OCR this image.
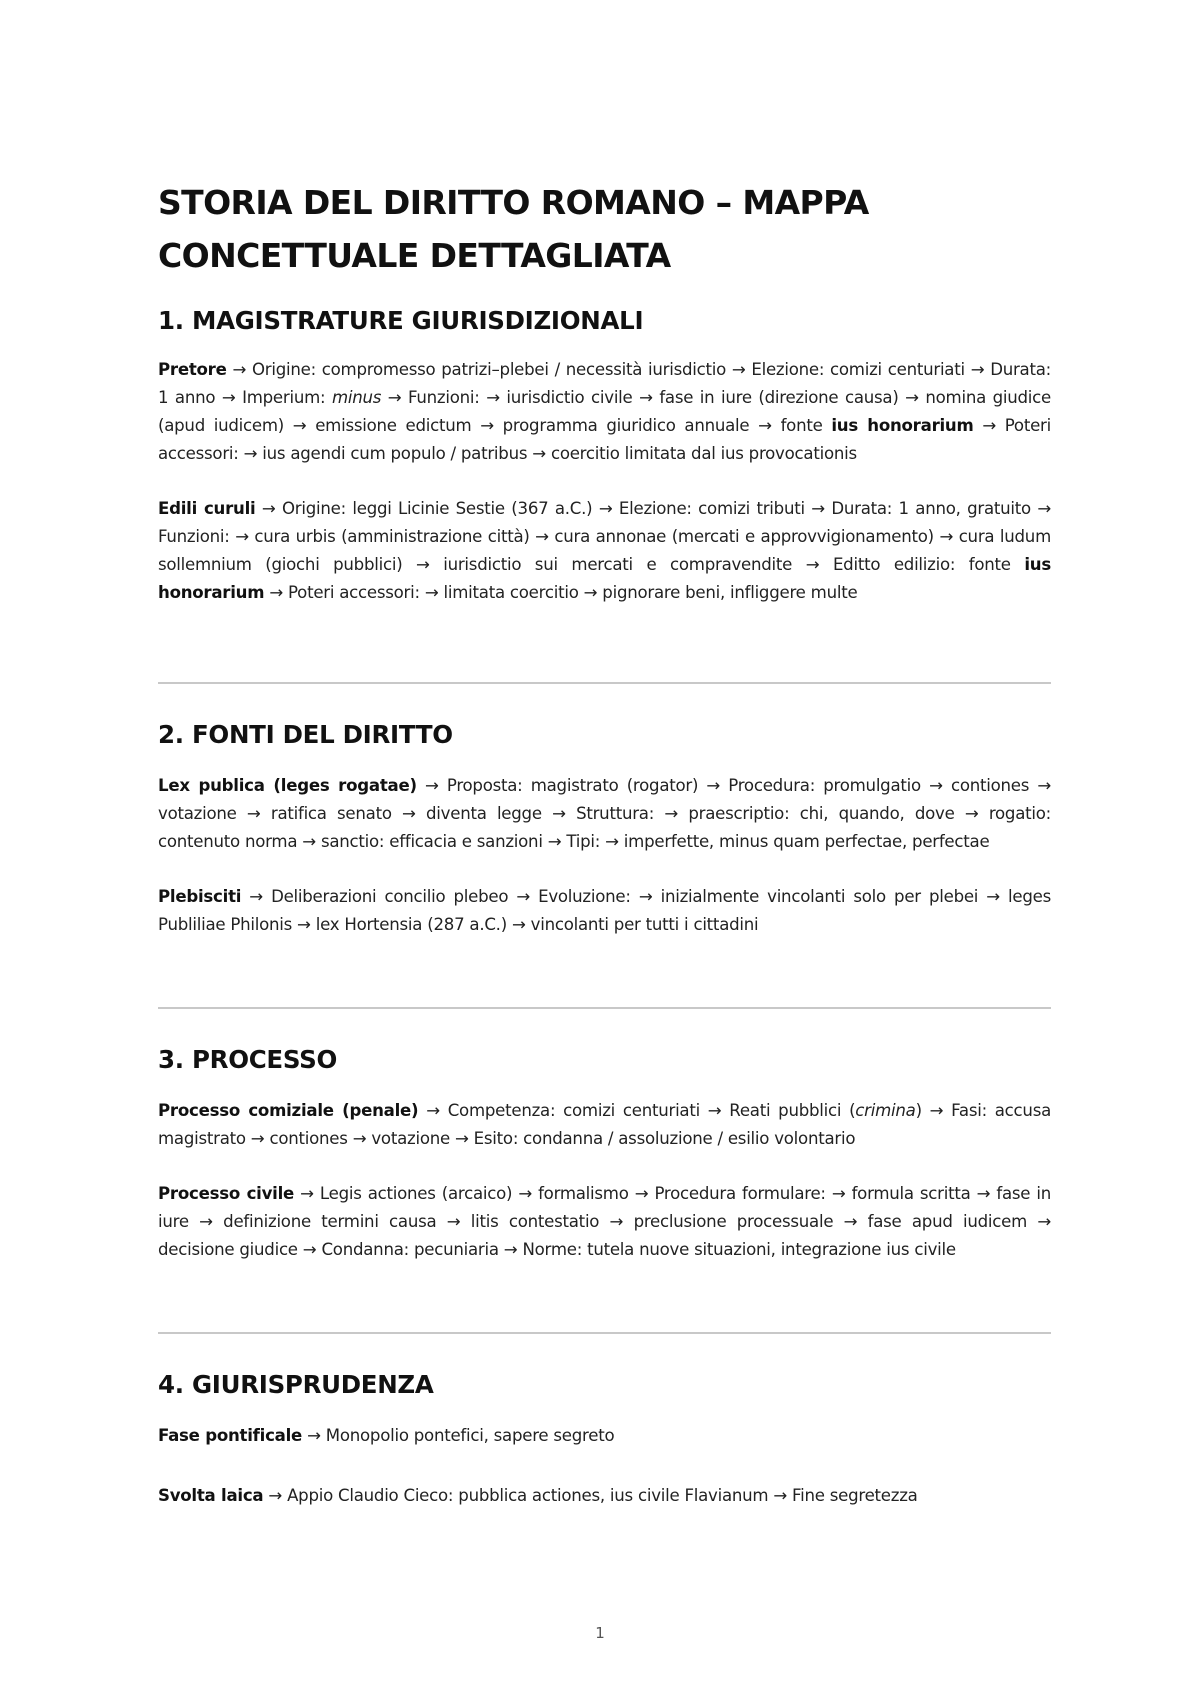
STORIA DEL DIRITTO ROMANO – MAPPA CONCETTUALE DETTAGLIATA
1. MAGISTRATURE GIURISDIZIONALI

Pretore → Origine: compromesso patrizi–plebei / necessità iurisdictio → Elezione: comizi centuriati → Durata: 1 anno → Imperium: minus → Funzioni: → iurisdictio civile → fase in iure (direzione causa) → nomina giudice (apud iudicem) → emissione edictum → programma giuridico annuale → fonte ius honorarium → Poteri accessori: → ius agendi cum populo / patribus → coercitio limitata dal ius provocationis

Edili curuli → Origine: leggi Licinie Sestie (367 a.C.) → Elezione: comizi tributi → Durata: 1 anno, gratuito → Funzioni: → cura urbis (amministrazione città) → cura annonae (mercati e approvvigionamento) → cura ludum sollemnium (giochi pubblici) → iurisdictio sui mercati e compravendite → Editto edilizio: fonte ius honorarium → Poteri accessori: → limitata coercitio → pignorare beni, infliggere multe

2. FONTI DEL DIRITTO

Lex publica (leges rogatae) → Proposta: magistrato (rogator) → Procedura: promulgatio → contiones → votazione → ratifica senato → diventa legge → Struttura: → praescriptio: chi, quando, dove → rogatio: contenuto norma → sanctio: efficacia e sanzioni → Tipi: → imperfette, minus quam perfectae, perfectae

Plebisciti → Deliberazioni concilio plebeo → Evoluzione: → inizialmente vincolanti solo per plebei → leges Publiliae Philonis → lex Hortensia (287 a.C.) → vincolanti per tutti i cittadini

3. PROCESSO

Processo comiziale (penale) → Competenza: comizi centuriati → Reati pubblici (crimina) → Fasi: accusa magistrato → contiones → votazione → Esito: condanna / assoluzione / esilio volontario

Processo civile → Legis actiones (arcaico) → formalismo → Procedura formulare: → formula scritta → fase in iure → definizione termini causa → litis contestatio → preclusione processuale → fase apud iudicem → decisione giudice → Condanna: pecuniaria → Norme: tutela nuove situazioni, integrazione ius civile

4. GIURISPRUDENZA

Fase pontificale → Monopolio pontefici, sapere segreto

Svolta laica → Appio Claudio Cieco: pubblica actiones, ius civile Flavianum → Fine segretezza

1
